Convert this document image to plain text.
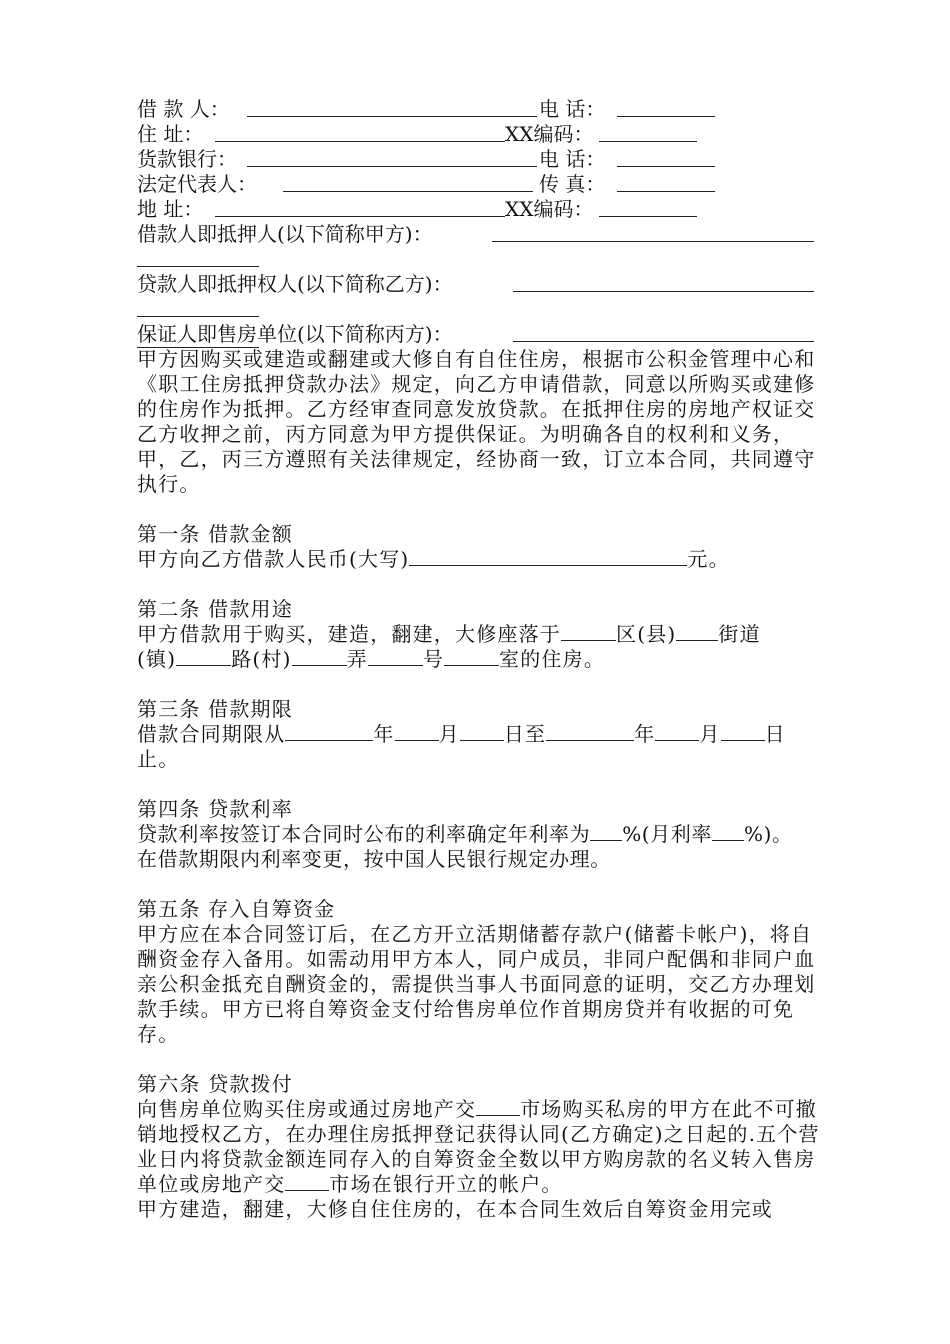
借 款 人：	电 话：
住 址：	XX编码：
货款银行：	电 话：
法定代表人：	传 真：
地 址：	XX编码：
借款人即抵押人(以下简称甲方)：
贷款人即抵押权人(以下简称乙方)：
保证人即售房单位(以下简称丙方)：

甲方因购买或建造或翻建或大修自有自住住房，根据市公积金管理中心和《职工住房抵押贷款办法》规定，向乙方申请借款，同意以所购买或建修的住房作为抵押。乙方经审查同意发放贷款。在抵押住房的房地产权证交乙方收押之前，丙方同意为甲方提供保证。为明确各自的权利和义务，甲，乙，丙三方遵照有关法律规定，经协商一致，订立本合同，共同遵守执行。

第一条 借款金额

甲方向乙方借款人民币(大写)	元。

第二条 借款用途

甲方借款用于购买，建造，翻建，大修座落于	区(县) 街道
(镇)	路(村)	弄	号	室的住房。

第三条 借款期限

借款合同期限从	年 月 日至	年 月 日
止。

第四条 贷款利率

贷款利率按签订本合同时公布的利率确定年利率为 %(月利率 %)。
在借款期限内利率变更，按中国人民银行规定办理。

第五条 存入自筹资金

甲方应在本合同签订后，在乙方开立活期储蓄存款户(储蓄卡帐户)，将自酬资金存入备用。如需动用甲方本人，同户成员，非同户配偶和非同户血亲公积金抵充自酬资金的，需提供当事人书面同意的证明，交乙方办理划款手续。甲方已将自筹资金支付给售房单位作首期房贷并有收据的可免存。

第六条 贷款拨付

向售房单位购买住房或通过房地产交 市场购买私房的甲方在此不可撤销地授权乙方，在办理住房抵押登记获得认同(乙方确定)之日起的.五个营业日内将贷款金额连同存入的自筹资金全数以甲方购房款的名义转入售房单位或房地产交 市场在银行开立的帐户。

甲方建造，翻建，大修自住住房的，在本合同生效后自筹资金用完或
